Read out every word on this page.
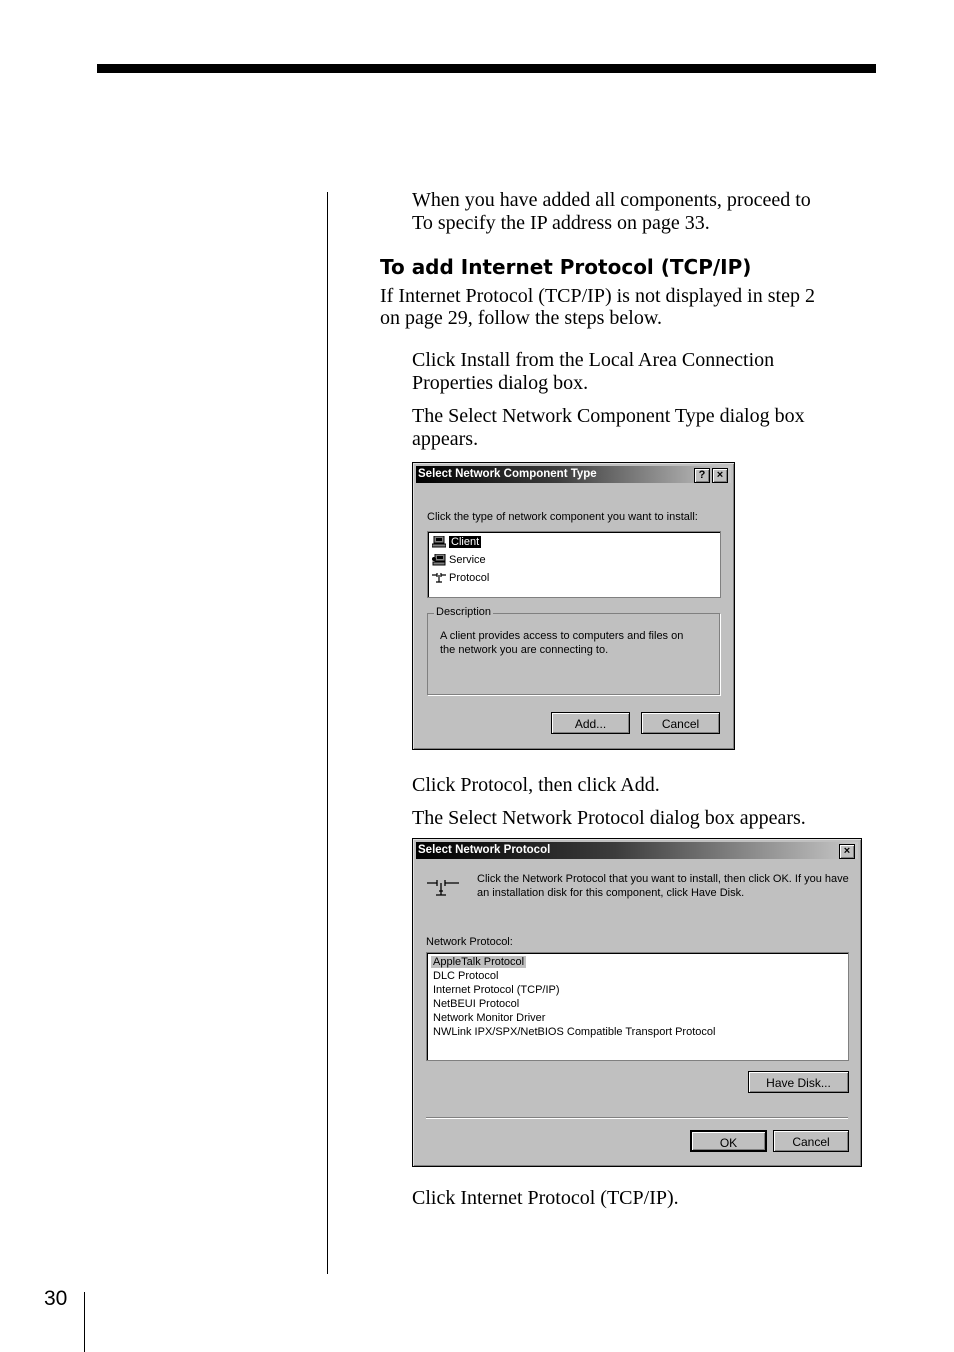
30

When you have added all components, proceed to

To specify the IP address on page 33.

To add Internet Protocol (TCP/IP)

If Internet Protocol (TCP/IP) is not displayed in step 2

on page 29, follow the steps below.

Click Install from the Local Area Connection

Properties dialog box.

The Select Network Component Type dialog box

appears.

Select Network Component Type	?	×
Click the type of network component you want to install:
Client
Service
Protocol
Description
A client provides access to computers and files on
the network you are connecting to.
Add...	Cancel

Click Protocol, then click Add.

The Select Network Protocol dialog box appears.

Select Network Protocol	×
Click the Network Protocol that you want to install, then click OK. If you have
an installation disk for this component, click Have Disk.
Network Protocol:
AppleTalk Protocol
DLC Protocol
Internet Protocol (TCP/IP)
NetBEUI Protocol
Network Monitor Driver
NWLink IPX/SPX/NetBIOS Compatible Transport Protocol
Have Disk...
OK	Cancel

Click Internet Protocol (TCP/IP).
